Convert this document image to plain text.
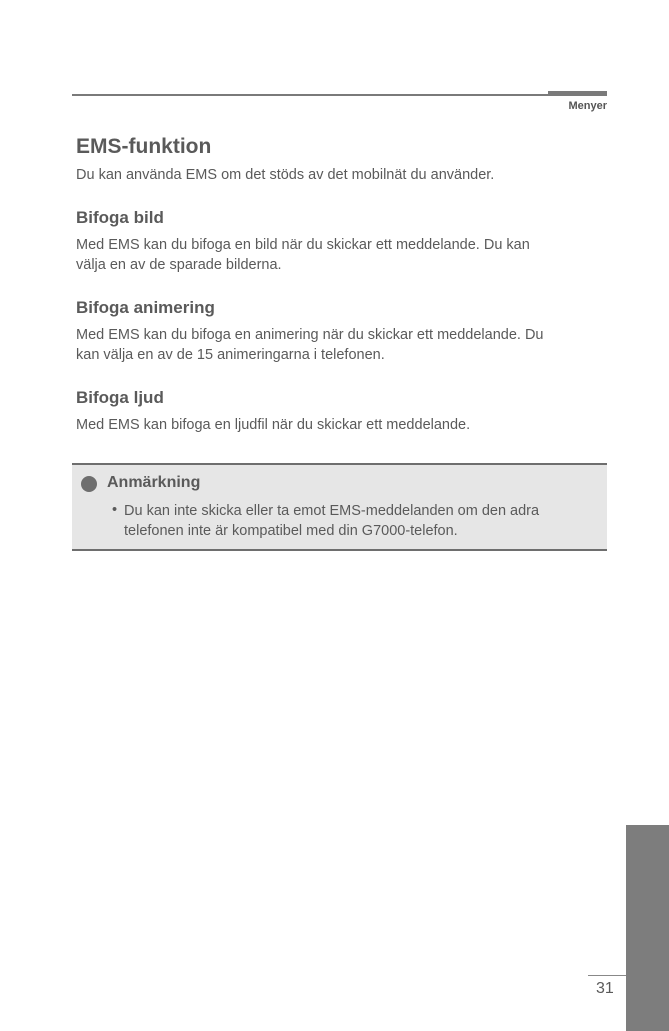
Menyer
EMS-funktion

Du kan använda EMS om det stöds av det mobilnät du använder.

Bifoga bild

Med EMS kan du bifoga en bild när du skickar ett meddelande. Du kan
välja en av de sparade bilderna.

Bifoga animering

Med EMS kan du bifoga en animering när du skickar ett meddelande. Du
kan välja en av de 15 animeringarna i telefonen.

Bifoga ljud

Med EMS kan bifoga en ljudfil när du skickar ett meddelande.

Anmärkning
• Du kan inte skicka eller ta emot EMS-meddelanden om den adra
telefonen inte är kompatibel med din G7000-telefon.
31
